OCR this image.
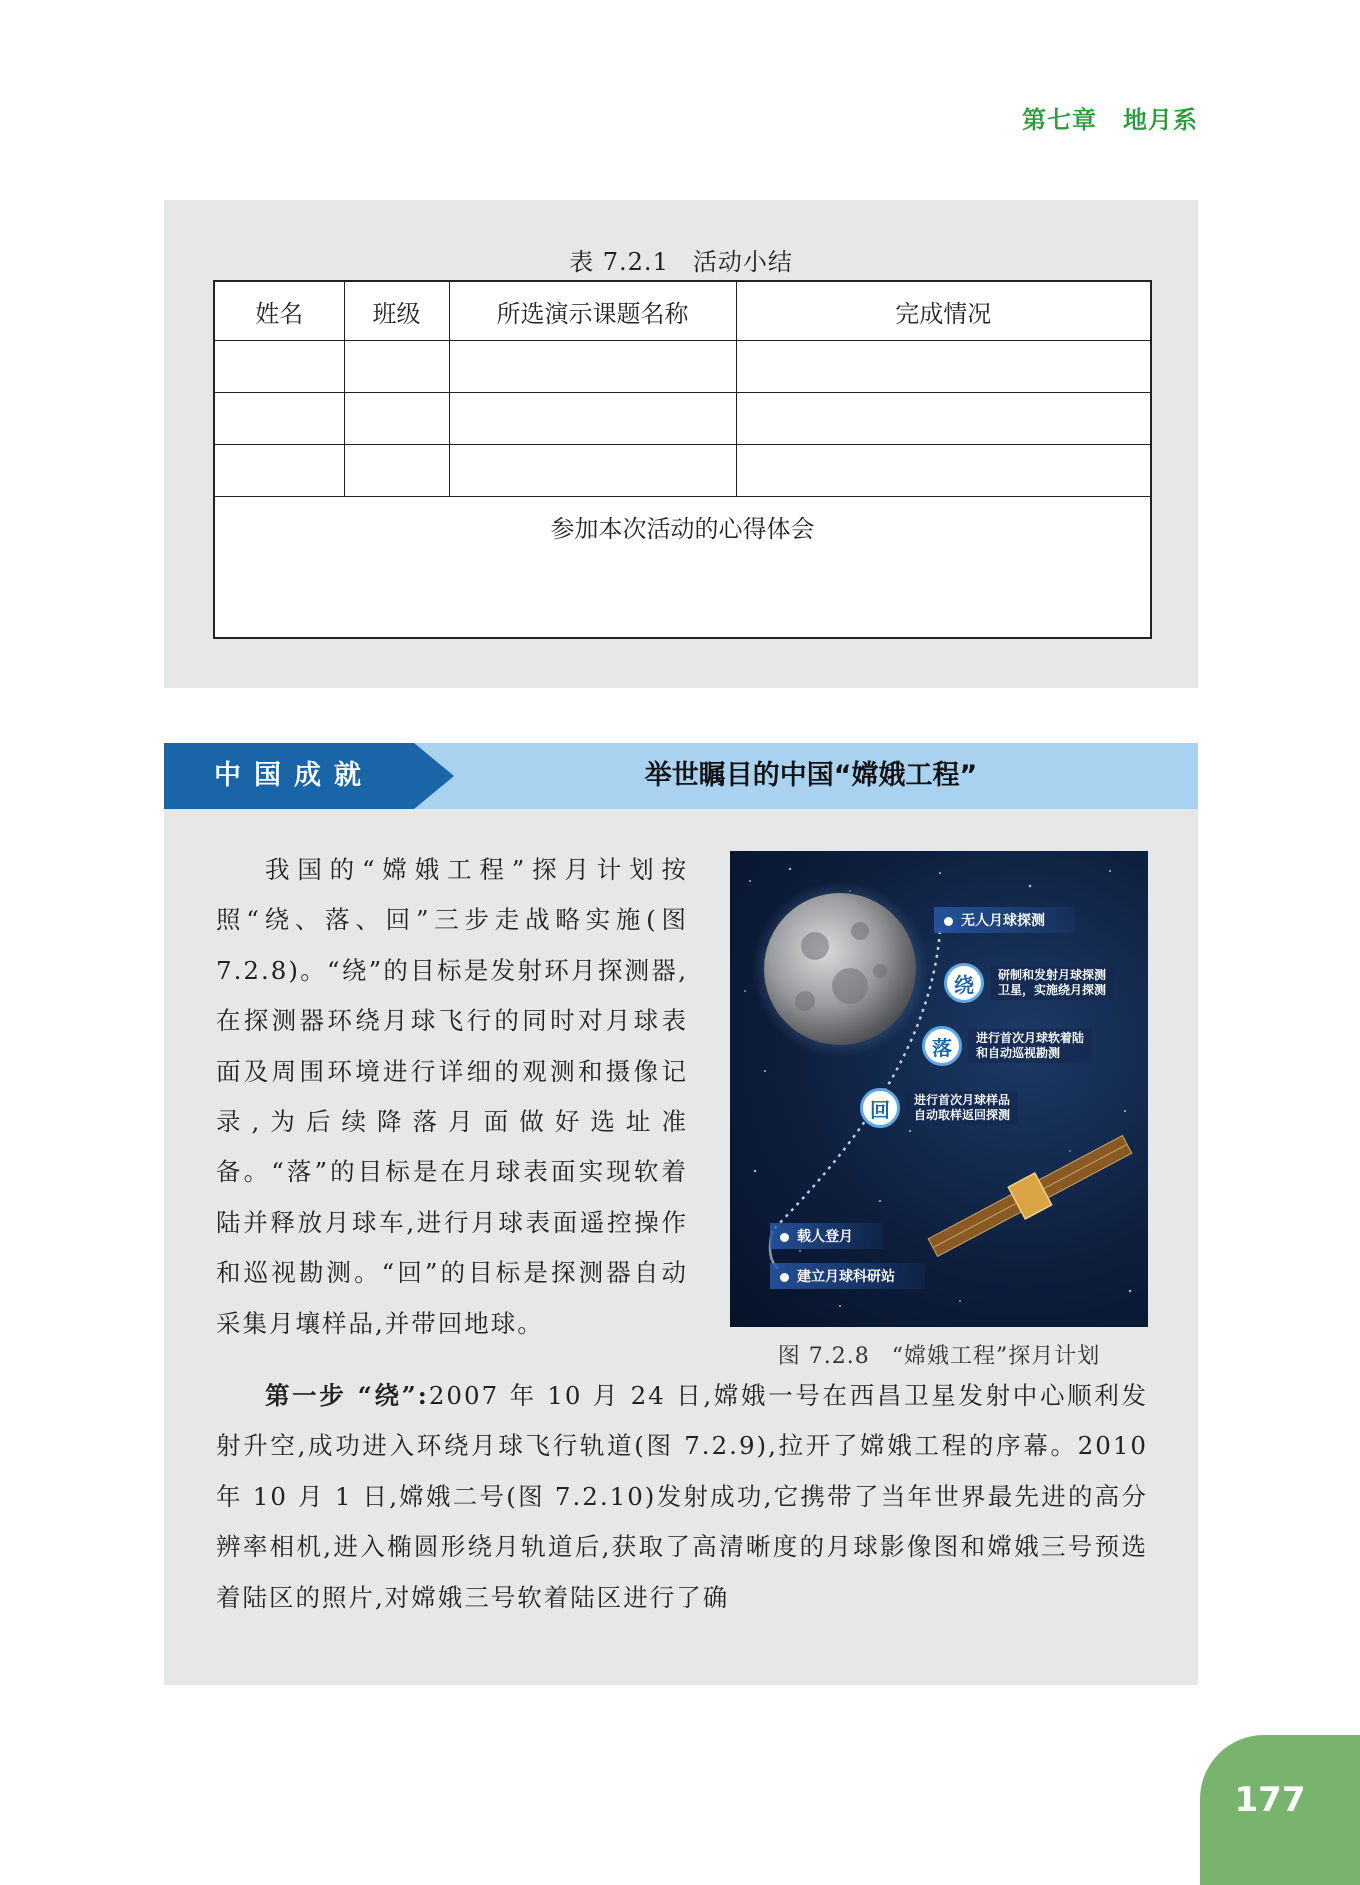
第七章 地月系
表 7.2.1 活动小结
姓名	班级	所选演示课题名称	完成情况

参加本次活动的心得体会			
中国成就	举世瞩目的中国“嫦娥工程”

我国的“嫦娥工程”探月计划按照“绕、落、回”三步走战略实施(图 7.2.8)。“绕”的目标是发射环月探测器,在探测器环绕月球飞行的同时对月球表面及周围环境进行详细的观测和摄像记录,为后续降落月面做好选址准备。“落”的目标是在月球表面实现软着陆并释放月球车,进行月球表面遥控操作和巡视勘测。“回”的目标是探测器自动采集月壤样品,并带回地球。

无人月球探测
绕	研制和发射月球探测
卫星，实施绕月探测
落	进行首次月球软着陆
和自动巡视勘测
回	进行首次月球样品
自动取样返回探测
载人登月
建立月球科研站
图 7.2.8 “嫦娥工程”探月计划

第一步 “绕”:2007 年 10 月 24 日,嫦娥一号在西昌卫星发射中心顺利发射升空,成功进入环绕月球飞行轨道(图 7.2.9),拉开了嫦娥工程的序幕。2010 年 10 月 1 日,嫦娥二号(图 7.2.10)发射成功,它携带了当年世界最先进的高分辨率相机,进入椭圆形绕月轨道后,获取了高清晰度的月球影像图和嫦娥三号预选着陆区的照片,对嫦娥三号软着陆区进行了确

177
